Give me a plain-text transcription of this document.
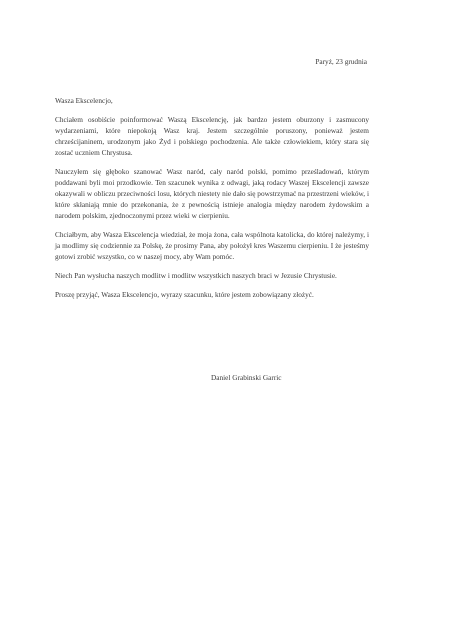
Paryż, 23 grudnia
Wasza Ekscelencjo,

Chciałem osobiście poinformować Waszą Ekscelencję, jak bardzo jestem oburzony i zasmucony wydarzeniami, które niepokoją Wasz kraj. Jestem szczególnie poruszony, ponieważ jestem chrześcijaninem, urodzonym jako Żyd i polskiego pochodzenia. Ale także człowiekiem, który stara się zostać uczniem Chrystusa.

Nauczyłem się głęboko szanować Wasz naród, cały naród polski, pomimo prześladowań, którym poddawani byli moi przodkowie. Ten szacunek wynika z odwagi, jaką rodacy Waszej Ekscelencji zawsze okazywali w obliczu przeciwności losu, których niestety nie dało się powstrzymać na przestrzeni wieków, i które skłaniają mnie do przekonania, że z pewnością istnieje analogia między narodem żydowskim a narodem polskim, zjednoczonymi przez wieki w cierpieniu.

Chciałbym, aby Wasza Ekscelencja wiedział, że moja żona, cała wspólnota katolicka, do której należymy, i ja modlimy się codziennie za Polskę, że prosimy Pana, aby położył kres Waszemu cierpieniu. I że jesteśmy gotowi zrobić wszystko, co w naszej mocy, aby Wam pomóc.

Niech Pan wysłucha naszych modlitw i modlitw wszystkich naszych braci w Jezusie Chrystusie.

Proszę przyjąć, Wasza Ekscelencjo, wyrazy szacunku, które jestem zobowiązany złożyć.

Daniel Grabinski Garric
